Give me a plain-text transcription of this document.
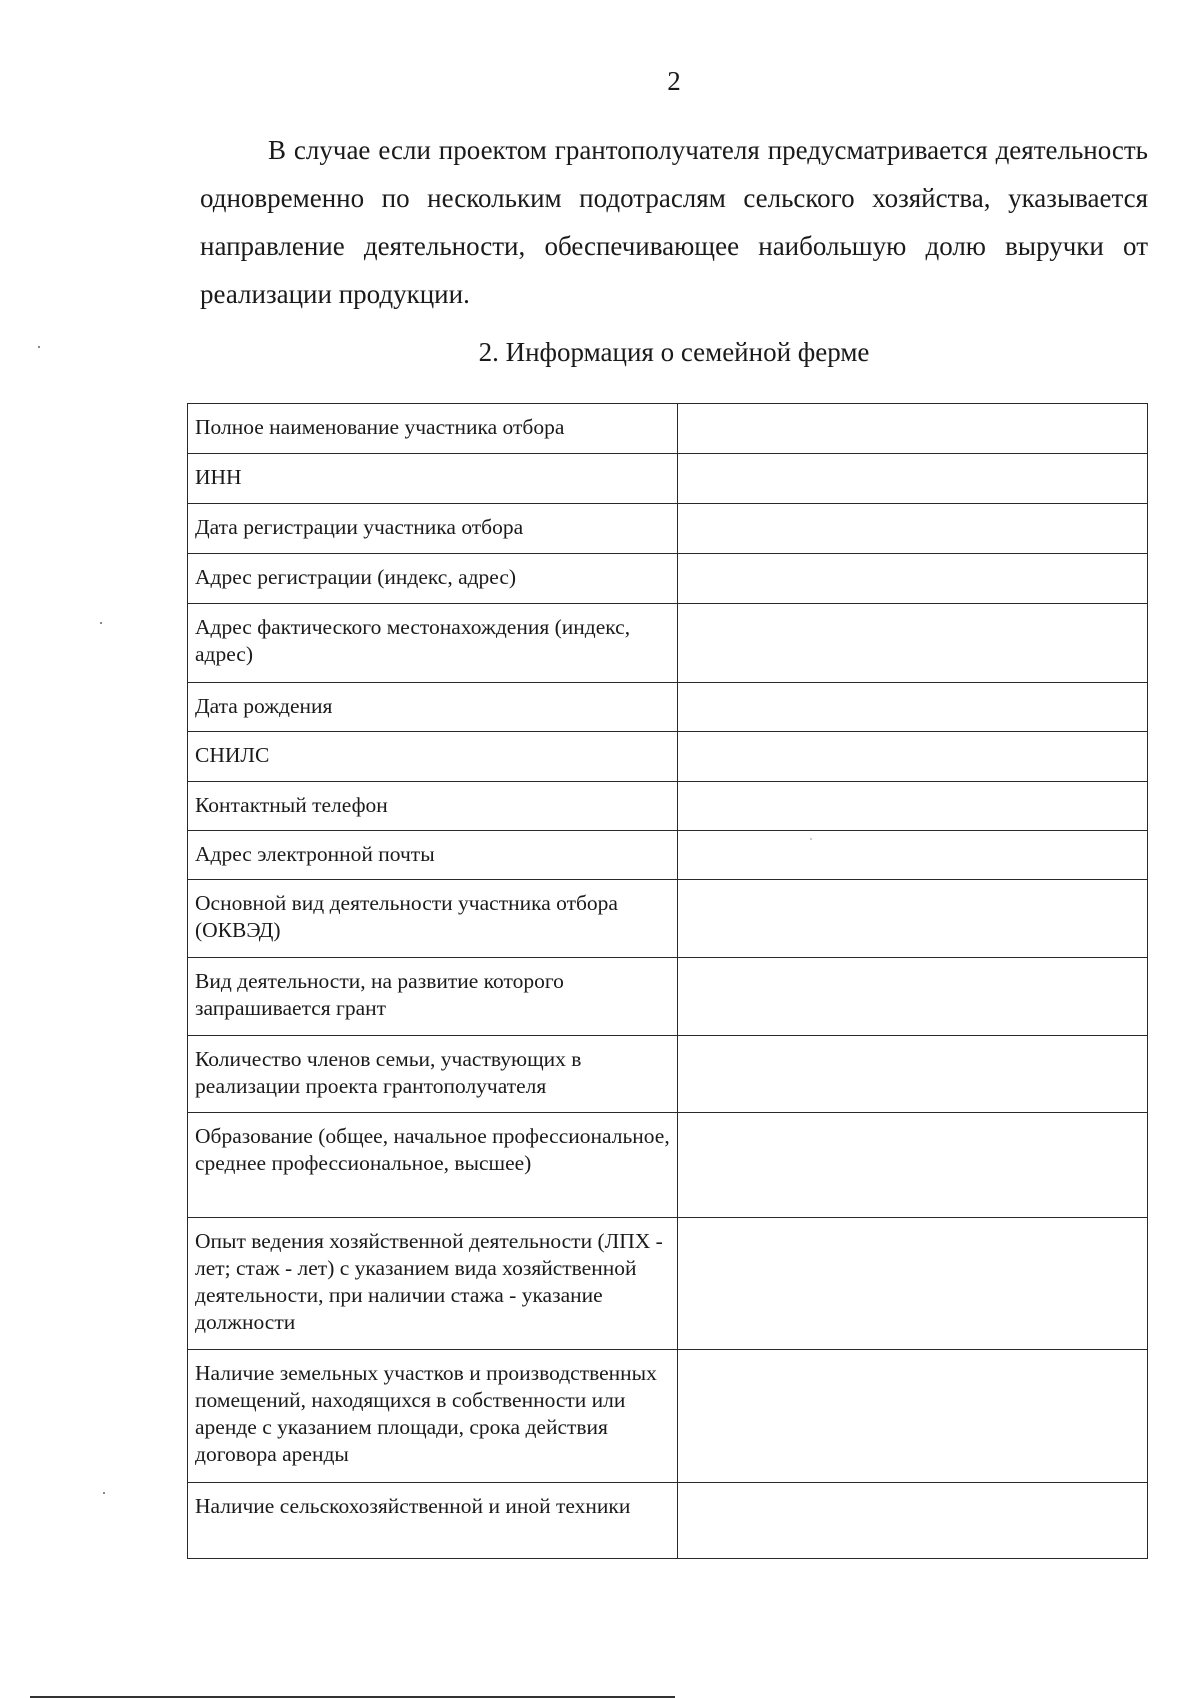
2

В случае если проектом грантополучателя предусматривается деятельность одновременно по нескольким подотраслям сельского хозяйства, указывается направление деятельности, обеспечивающее наибольшую долю выручки от реализации продукции.

2. Информация о семейной ферме
Полное наименование участника отбора	
ИНН	
Дата регистрации участника отбора	
Адрес регистрации (индекс, адрес)	
Адрес фактического местонахождения (индекс, адрес)	
Дата рождения	
СНИЛС	
Контактный телефон	
Адрес электронной почты	
Основной вид деятельности участника отбора (ОКВЭД)	
Вид деятельности, на развитие которого запрашивается грант	
Количество членов семьи, участвующих в реализации проекта грантополучателя	
Образование (общее, начальное профессиональное, среднее профессиональное, высшее)	
Опыт ведения хозяйственной деятельности (ЛПХ - лет; стаж - лет) с указанием вида хозяйственной деятельности, при наличии стажа - указание должности	
Наличие земельных участков и производственных помещений, находящихся в собственности или аренде с указанием площади, срока действия договора аренды	
Наличие сельскохозяйственной и иной техники	
